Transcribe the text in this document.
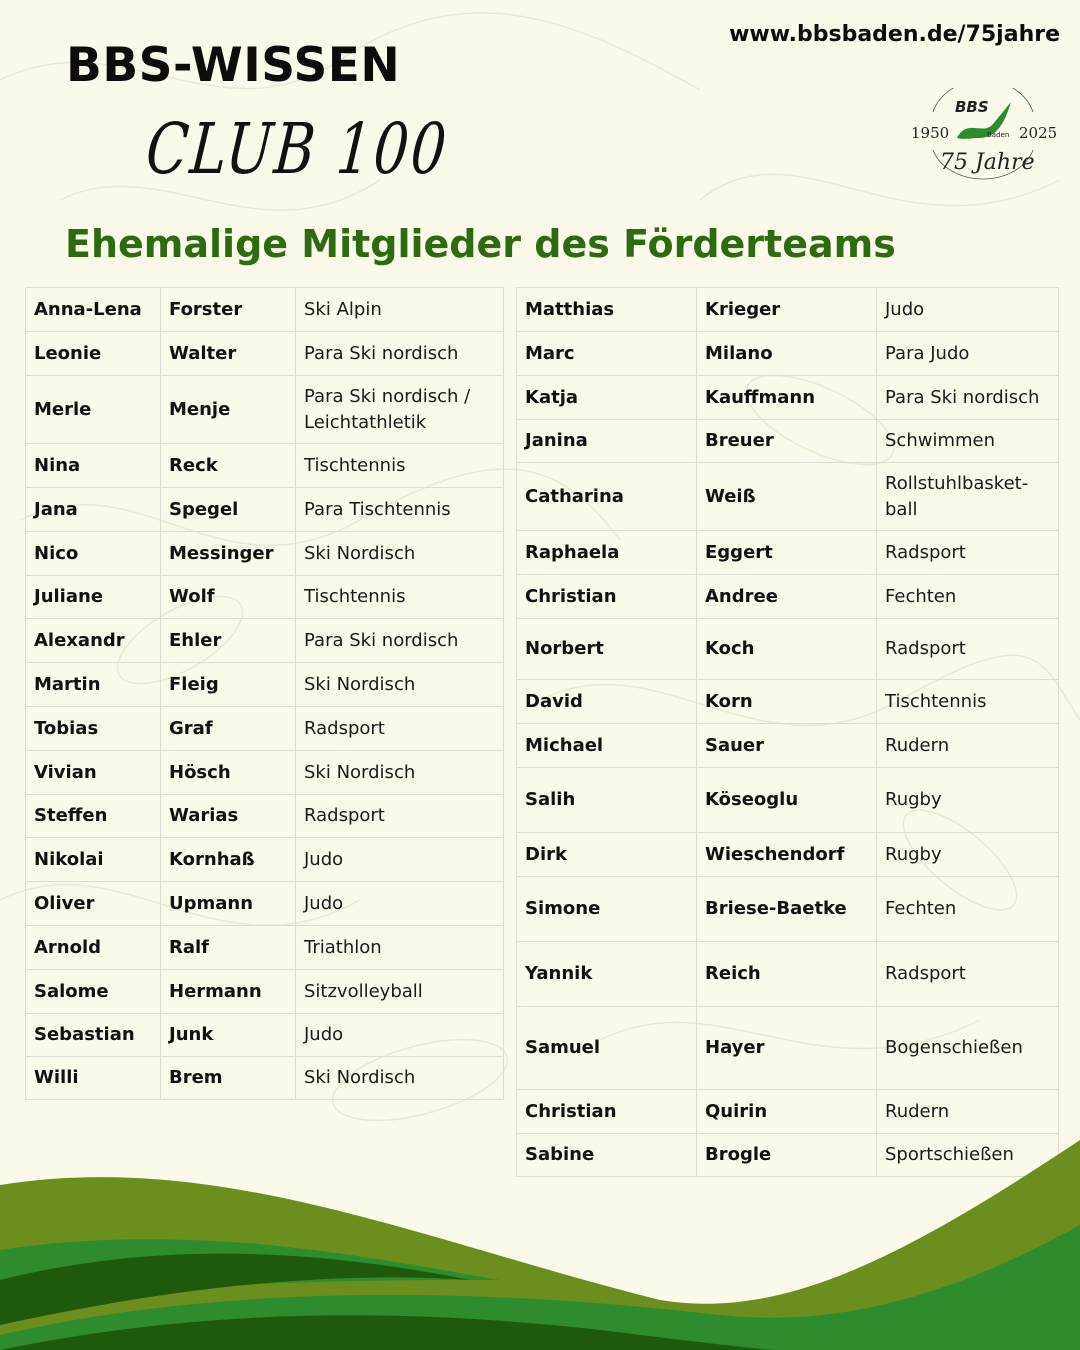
BBS-WISSEN
CLUB 100
www.bbsbaden.de/75jahre
BBS
Baden
1950	2025
75 Jahre
Ehemalige Mitglieder des Förderteams
Anna-Lena	Forster	Ski Alpin
Leonie	Walter	Para Ski nordisch
Merle	Menje	Para Ski nordisch / Leichtathletik
Nina	Reck	Tischtennis
Jana	Spegel	Para Tischtennis
Nico	Messinger	Ski Nordisch
Juliane	Wolf	Tischtennis
Alexandr	Ehler	Para Ski nordisch
Martin	Fleig	Ski Nordisch
Tobias	Graf	Radsport
Vivian	Hösch	Ski Nordisch
Steffen	Warias	Radsport
Nikolai	Kornhaß	Judo
Oliver	Upmann	Judo
Arnold	Ralf	Triathlon
Salome	Hermann	Sitzvolleyball
Sebastian	Junk	Judo
Willi	Brem	Ski Nordisch
Matthias	Krieger	Judo
Marc	Milano	Para Judo
Katja	Kauffmann	Para Ski nordisch
Janina	Breuer	Schwimmen
Catharina	Weiß	Rollstuhlbasket-ball
Raphaela	Eggert	Radsport
Christian	Andree	Fechten
Norbert	Koch	Radsport
David	Korn	Tischtennis
Michael	Sauer	Rudern
Salih	Köseoglu	Rugby
Dirk	Wieschendorf	Rugby
Simone	Briese-Baetke	Fechten
Yannik	Reich	Radsport
Samuel	Hayer	Bogenschießen
Christian	Quirin	Rudern
Sabine	Brogle	Sportschießen
